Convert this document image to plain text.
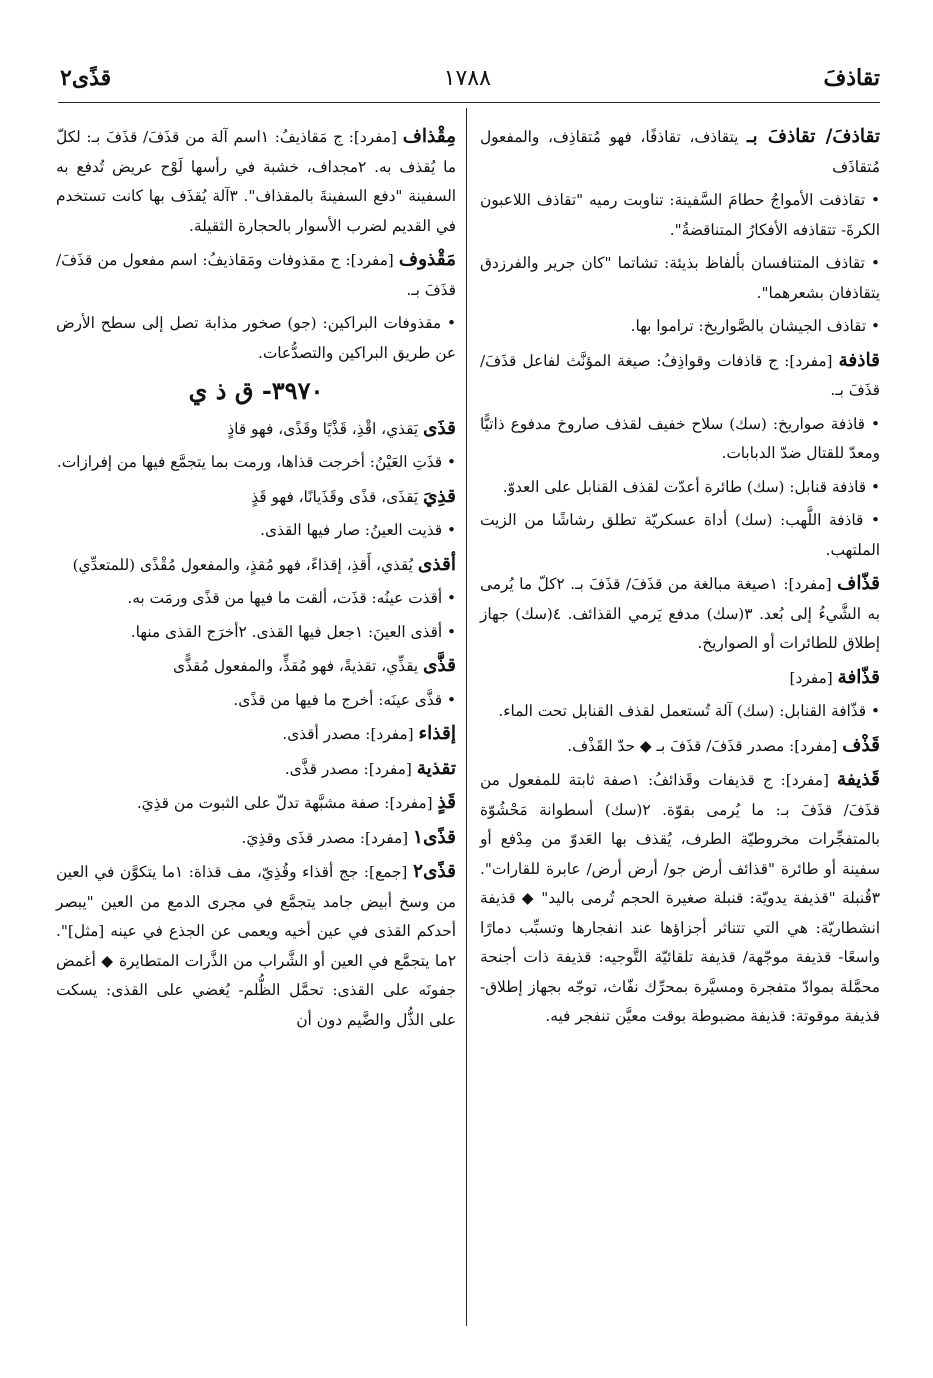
تقاذفَ
١٧٨٨
قذًى٢
تقاذفَ/ تقاذفَ بـ يتقاذف، تقاذفًا، فهو مُتقاذِف، والمفعول مُتقاذَف
• تقاذفت الأمواجُ حطامَ السَّفينة: تناوبت رميه "تقاذف اللاعبون الكرةَ- تتقاذفه الأفكارُ المتناقضةُ".
• تقاذف المتنافسان بألفاظ بذيئة: تشاتما "كان جرير والفرزدق يتقاذفان بشعرهما".
• تقاذف الجيشان بالصَّواريخ: تراموا بها.
قاذفة [مفرد]: ج قاذفات وقواذِفُ: صيغة المؤنَّث لفاعل قذَفَ/ قذَفَ بـ.
• قاذفة صواريخ: (سك) سلاح خفيف لقذف صاروخ مدفوع ذاتيًّا ومعدّ للقتال ضدّ الدبابات.
• قاذفة قنابل: (سك) طائرة أعدّت لقذف القنابل على العدوّ.
• قاذفة اللَّهب: (سك) أداة عسكريّة تطلق رشاشًا من الزيت الملتهب.
قذّاف [مفرد]: ١صيغة مبالغة من قذَفَ/ قذَفَ بـ. ٢كلّ ما يُرمى به الشَّيءُ إلى بُعد. ٣(سك) مدفع يَرمي القذائف. ٤(سك) جهاز إطلاق للطائرات أو الصواريخ.
قذّافة [مفرد]
• قذّافة القنابل: (سك) آلة تُستعمل لقذف القنابل تحت الماء.
قَذْف [مفرد]: مصدر قذَفَ/ قذَفَ بـ ◆ حدّ القَذْف.
قَذيفة [مفرد]: ج قذيفات وقَذائفُ: ١صفة ثابتة للمفعول من قذَفَ/ قذَفَ بـ: ما يُرمى بقوّة. ٢(سك) أسطوانة مَحْشُوّة بالمتفجِّرات مخروطيّة الطرف، يُقذف بها العَدوّ من مِدْفع أو سفينة أو طائرة "قذائف أرض جو/ أرض أرض/ عابرة للقارات". ٣قُنبلة "قذيفة يدويّة: قنبلة صغيرة الحجم تُرمى باليد" ◆ قذيفة انشطاريّة: هي التي تتناثر أجزاؤها عند انفجارها وتسبِّب دمارًا واسعًا- قذيفة موجّهة/ قذيفة تلقائيّة التَّوجيه: قذيفة ذات أجنحة محمَّلة بموادّ متفجرة ومسيَّرة بمحرِّك نفّاث، توجّه بجهاز إطلاق- قذيفة موقوتة: قذيفة مضبوطة بوقت معيَّن تنفجر فيه.
مِقْذاف [مفرد]: ج مَقاذيفُ: ١اسم آلة من قذَفَ/ قذَفَ بـ: لكلّ ما يُقذف به. ٢مجداف، خشبة في رأسها لَوْح عريض تُدفع به السفينة "دفع السفينةَ بالمقذاف". ٣آلة يُقذَف بها كانت تستخدم في القديم لضرب الأسوار بالحجارة الثقيلة.
مَقْذوف [مفرد]: ج مقذوفات ومَقاذيفُ: اسم مفعول من قذَفَ/ قذَفَ بـ.
• مقذوفات البراكين: (جو) صخور مذابة تصل إلى سطح الأرض عن طريق البراكين والتصدُّعات.
٣٩٧٠- ق ذ ي
قذَى يَقذي، اقْذِ، قَذْيًا وقَذًى، فهو قاذٍ
• قذَتِ العَيْنُ: أخرجت قذاها، ورمت بما يتجمَّع فيها من إفرازات.
قذِيَ يَقذَى، قذًى وقَذَيانًا، فهو قَذٍ
• قذيت العينُ: صار فيها القذى.
أقذى يُقذي، أَقذِ، إقذاءً، فهو مُقذٍ، والمفعول مُقْذًى (للمتعدِّي)
• أقذت عينُه: قذَت، ألقت ما فيها من قذًى ورمَت به.
• أقذى العينَ: ١جعل فيها القذى. ٢أخرَج القذى منها.
قذَّى يقذِّي، تقذيةً، فهو مُقذٍّ، والمفعول مُقذًّى
• قذَّى عينَه: أخرج ما فيها من قذًى.
إقذاء [مفرد]: مصدر أقذى.
تقذية [مفرد]: مصدر قذَّى.
قَذٍ [مفرد]: صفة مشبَّهة تدلّ على الثبوت من قذِيَ.
قذًى١ [مفرد]: مصدر قذَى وقذِيَ.
قذًى٢ [جمع]: جج أقذاء وقُذِيّ، مف قذاة: ١ما يتكوَّن في العين من وسخ أبيض جامد يتجمَّع في مجرى الدمع من العين "يبصر أحدكم القذى في عين أخيه ويعمى عن الجذع في عينه [مثل]". ٢ما يتجمَّع في العين أو الشَّراب من الذَّرات المتطايرة ◆ أغمض جفونَه على القذى: تحمَّل الظُّلم- يُغضي على القذى: يسكت على الذُّل والضَّيم دون أن
